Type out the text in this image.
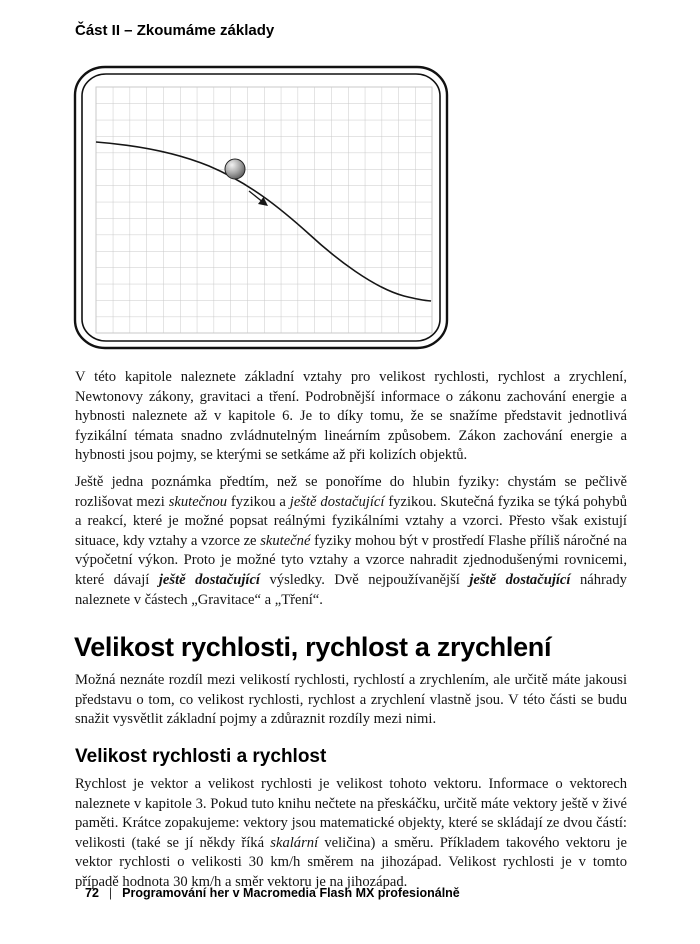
Část II – Zkoumáme základy

V této kapitole naleznete základní vztahy pro velikost rychlosti, rychlost a zrychlení, Newtonovy zákony, gravitaci a tření. Podrobnější informace o zákonu zachování energie a hybnosti naleznete až v kapitole 6. Je to díky tomu, že se snažíme představit jednotlivá fyzikální témata snadno zvládnutelným lineárním způsobem. Zákon zachování energie a hybnosti jsou pojmy, se kterými se setkáme až při kolizích objektů.

Ještě jedna poznámka předtím, než se ponoříme do hlubin fyziky: chystám se pečlivě rozlišovat mezi skutečnou fyzikou a ještě dostačující fyzikou. Skutečná fyzika se týká pohybů a reakcí, které je možné popsat reálnými fyzikálními vztahy a vzorci. Přesto však existují situace, kdy vztahy a vzorce ze skutečné fyziky mohou být v prostředí Flashe příliš náročné na výpočetní výkon. Proto je možné tyto vztahy a vzorce nahradit zjednodušenými rovnicemi, které dávají ještě dostačující výsledky. Dvě nejpoužívanější ještě dostačující náhrady naleznete v částech „Gravitace“ a „Tření“.

Velikost rychlosti, rychlost a zrychlení

Možná neznáte rozdíl mezi velikostí rychlosti, rychlostí a zrychlením, ale určitě máte jakousi představu o tom, co velikost rychlosti, rychlost a zrychlení vlastně jsou. V této části se budu snažit vysvětlit základní pojmy a zdůraznit rozdíly mezi nimi.

Velikost rychlosti a rychlost

Rychlost je vektor a velikost rychlosti je velikost tohoto vektoru. Informace o vektorech naleznete v kapitole 3. Pokud tuto knihu nečtete na přeskáčku, určitě máte vektory ještě v živé paměti. Krátce zopakujeme: vektory jsou matematické objekty, které se skládají ze dvou částí: velikosti (také se jí někdy říká skalární veličina) a směru. Příkladem takového vektoru je vektor rychlosti o velikosti 30 km/h směrem na jihozápad. Velikost rychlosti je v tomto případě hodnota 30 km/h a směr vektoru je na jihozápad.

72 | Programování her v Macromedia Flash MX profesionálně
